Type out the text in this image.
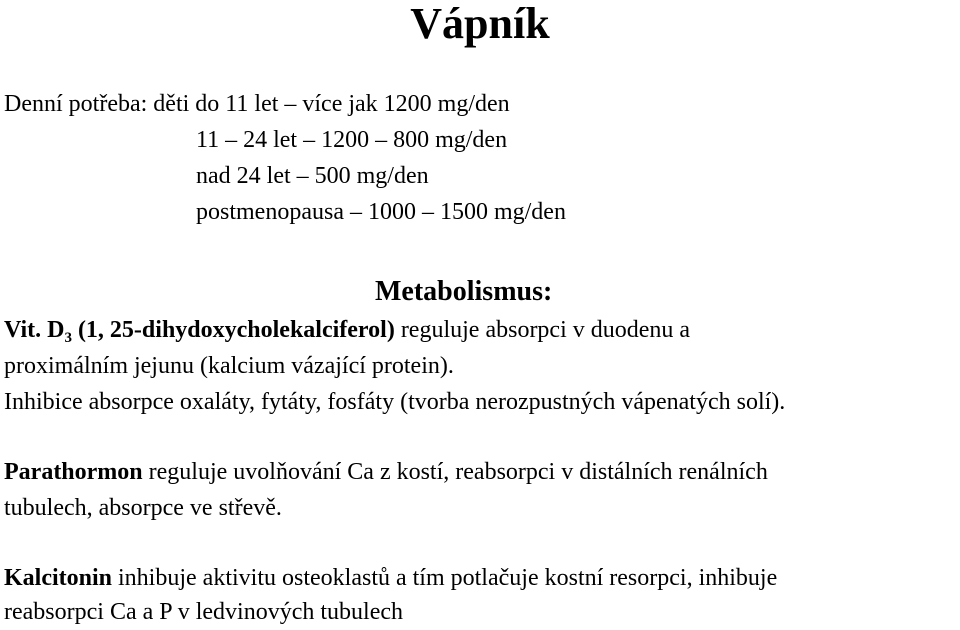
Vápník
Denní potřeba: děti do 11 let – více jak 1200 mg/den
11 – 24 let – 1200 – 800 mg/den
nad 24 let – 500 mg/den
postmenopausa – 1000 – 1500 mg/den
Metabolismus:
Vit. $D_3$ (1, 25-dihydoxycholekalciferol) reguluje absorpci v duodenu a
proximálním jejunu (kalcium vázající protein).
Inhibice absorpce oxaláty, fytáty, fosfáty (tvorba nerozpustných vápenatých solí).
Parathormon reguluje uvolňování Ca z kostí, reabsorpci v distálních renálních
tubulech, absorpce ve střevě.
Kalcitonin inhibuje aktivitu osteoklastů a tím potlačuje kostní resorpci, inhibuje
reabsorpci Ca a P v ledvinových tubulech
